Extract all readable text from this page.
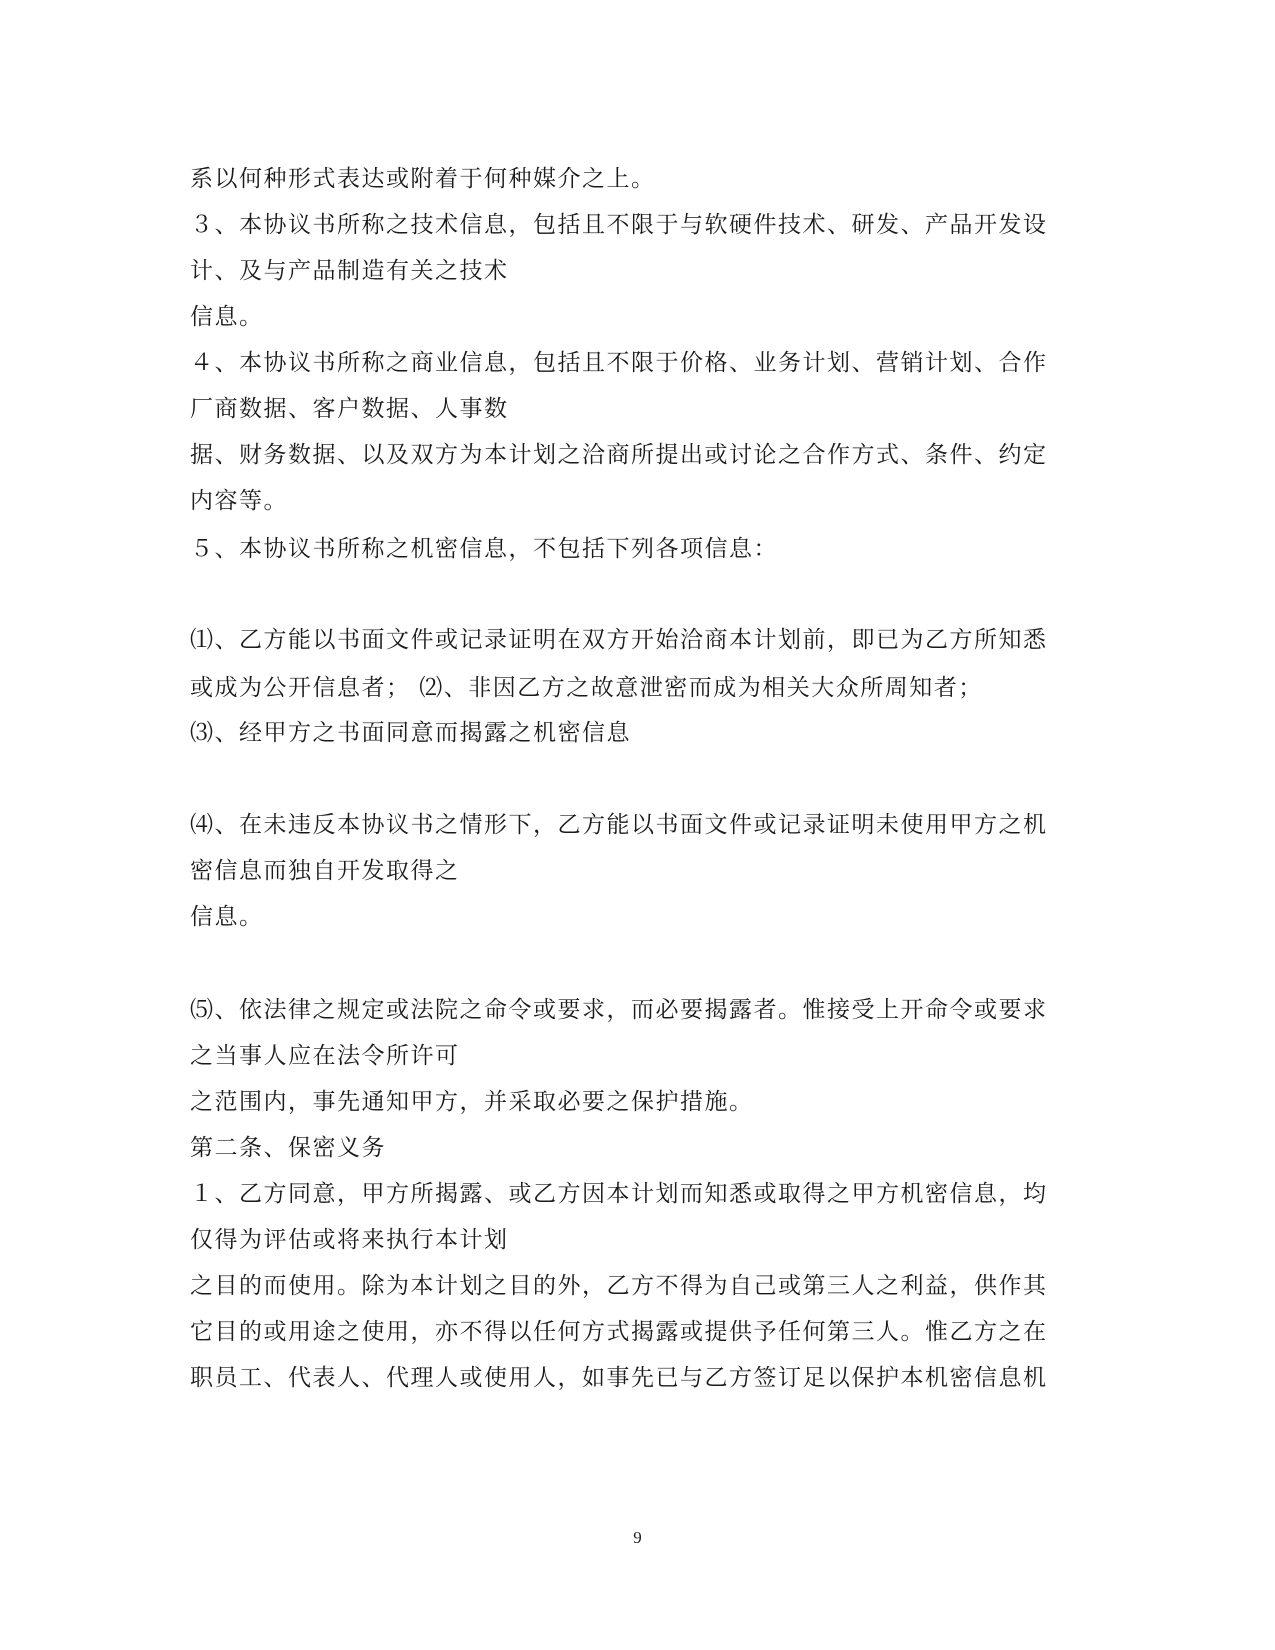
系以何种形式表达或附着于何种媒介之上。
３、本协议书所称之技术信息，包括且不限于与软硬件技术、研发、产品开发设
计、及与产品制造有关之技术
信息。
４、本协议书所称之商业信息，包括且不限于价格、业务计划、营销计划、合作
厂商数据、客户数据、人事数
据、财务数据、以及双方为本计划之洽商所提出或讨论之合作方式、条件、约定
内容等。
５、本协议书所称之机密信息，不包括下列各项信息：
⑴、乙方能以书面文件或记录证明在双方开始洽商本计划前，即已为乙方所知悉
或成为公开信息者； ⑵、非因乙方之故意泄密而成为相关大众所周知者；
⑶、经甲方之书面同意而揭露之机密信息
⑷、在未违反本协议书之情形下，乙方能以书面文件或记录证明未使用甲方之机
密信息而独自开发取得之
信息。
⑸、依法律之规定或法院之命令或要求，而必要揭露者。惟接受上开命令或要求
之当事人应在法令所许可
之范围内，事先通知甲方，并采取必要之保护措施。
第二条、保密义务
１、乙方同意，甲方所揭露、或乙方因本计划而知悉或取得之甲方机密信息，均
仅得为评估或将来执行本计划
之目的而使用。除为本计划之目的外，乙方不得为自己或第三人之利益，供作其
它目的或用途之使用，亦不得以任何方式揭露或提供予任何第三人。惟乙方之在
职员工、代表人、代理人或使用人，如事先已与乙方签订足以保护本机密信息机
9
